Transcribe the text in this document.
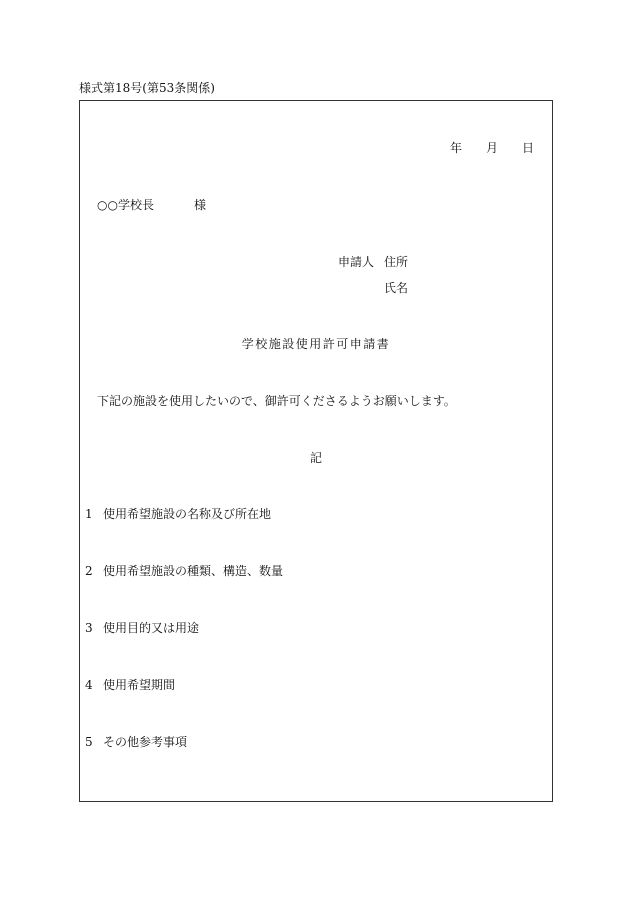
様式第18号(第53条関係)
年 月 日
○○学校長	様
申請人 住所
氏名
学校施設使用許可申請書
下記の施設を使用したいので、御許可くださるようお願いします。
記
1 使用希望施設の名称及び所在地
2 使用希望施設の種類、構造、数量
3 使用目的又は用途
4 使用希望期間
5 その他参考事項
